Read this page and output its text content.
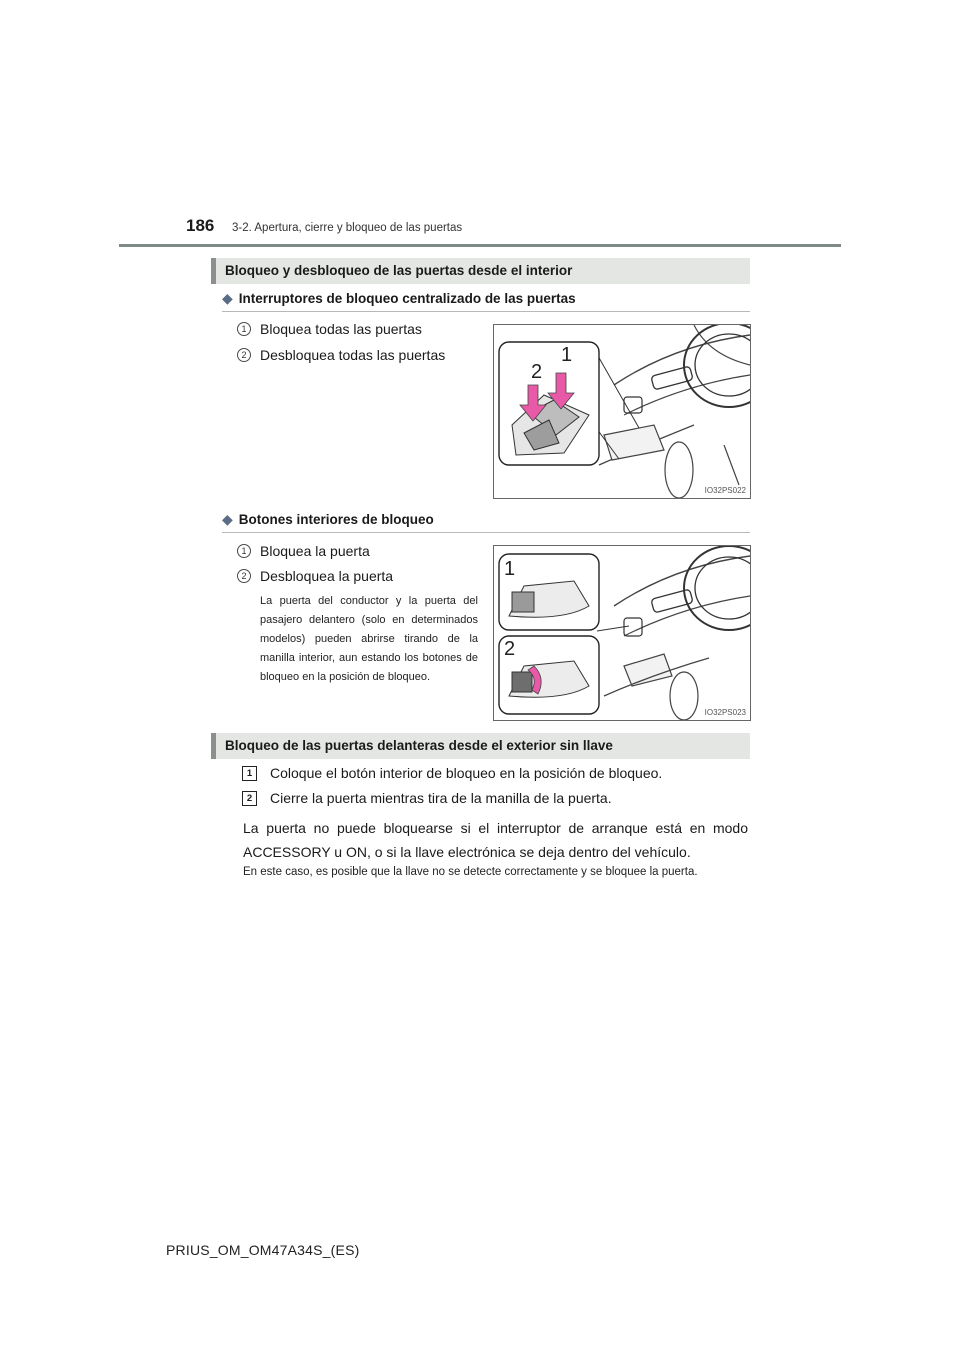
186 3-2. Apertura, cierre y bloqueo de las puertas
Bloqueo y desbloqueo de las puertas desde el interior
◆ Interruptores de bloqueo centralizado de las puertas
1 Bloquea todas las puertas
2 Desbloquea todas las puertas	1
2
IO32PS022
◆ Botones interiores de bloqueo
1 Bloquea la puerta
2 Desbloquea la puerta
La puerta del conductor y la puerta del pasajero delantero (solo en determinados modelos) pueden abrirse tirando de la manilla interior, aun estando los botones de bloqueo en la posición de bloqueo.
1
2
IO32PS023
Bloqueo de las puertas delanteras desde el exterior sin llave
1	Coloque el botón interior de bloqueo en la posición de bloqueo.
2	Cierre la puerta mientras tira de la manilla de la puerta.
La puerta no puede bloquearse si el interruptor de arranque está en modo ACCESSORY u ON, o si la llave electrónica se deja dentro del vehículo.
En este caso, es posible que la llave no se detecte correctamente y se bloquee la puerta.
PRIUS_OM_OM47A34S_(ES)
